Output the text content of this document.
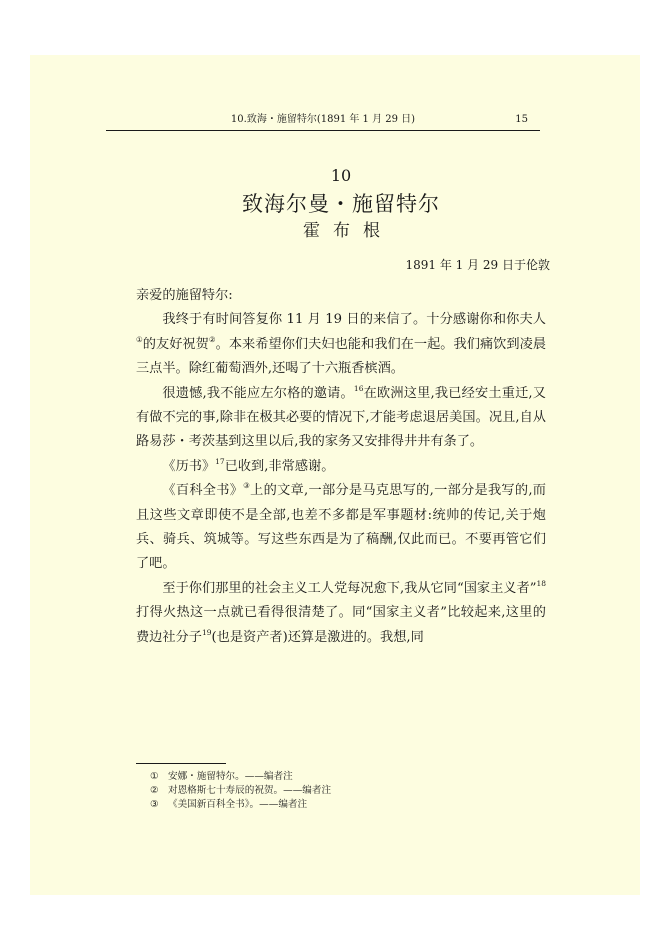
10.致海・施留特尔(1891 年 1 月 29 日)	15
10
致海尔曼・施留特尔
霍布根
1891 年 1 月 29 日于伦敦

亲爱的施留特尔:

我终于有时间答复你 11 月 19 日的来信了。十分感谢你和你夫人①的友好祝贺②。本来希望你们夫妇也能和我们在一起。我们痛饮到凌晨三点半。除红葡萄酒外,还喝了十六瓶香槟酒。

很遗憾,我不能应左尔格的邀请。$^{16}$在欧洲这里,我已经安土重迁,又有做不完的事,除非在极其必要的情况下,才能考虑退居美国。况且,自从路易莎・考茨基到这里以后,我的家务又安排得井井有条了。

《历书》$^{17}$已收到,非常感谢。

《百科全书》③上的文章,一部分是马克思写的,一部分是我写的,而且这些文章即使不是全部,也差不多都是军事题材:统帅的传记,关于炮兵、骑兵、筑城等。写这些东西是为了稿酬,仅此而已。不要再管它们了吧。

至于你们那里的社会主义工人党每况愈下,我从它同“国家主义者”$^{18}$打得火热这一点就已看得很清楚了。同“国家主义者”比较起来,这里的费边社分子$^{19}$(也是资产者)还算是激进的。我想,同

① 安娜・施留特尔。——编者注
② 对恩格斯七十寿辰的祝贺。——编者注
③ 《美国新百科全书》。——编者注
